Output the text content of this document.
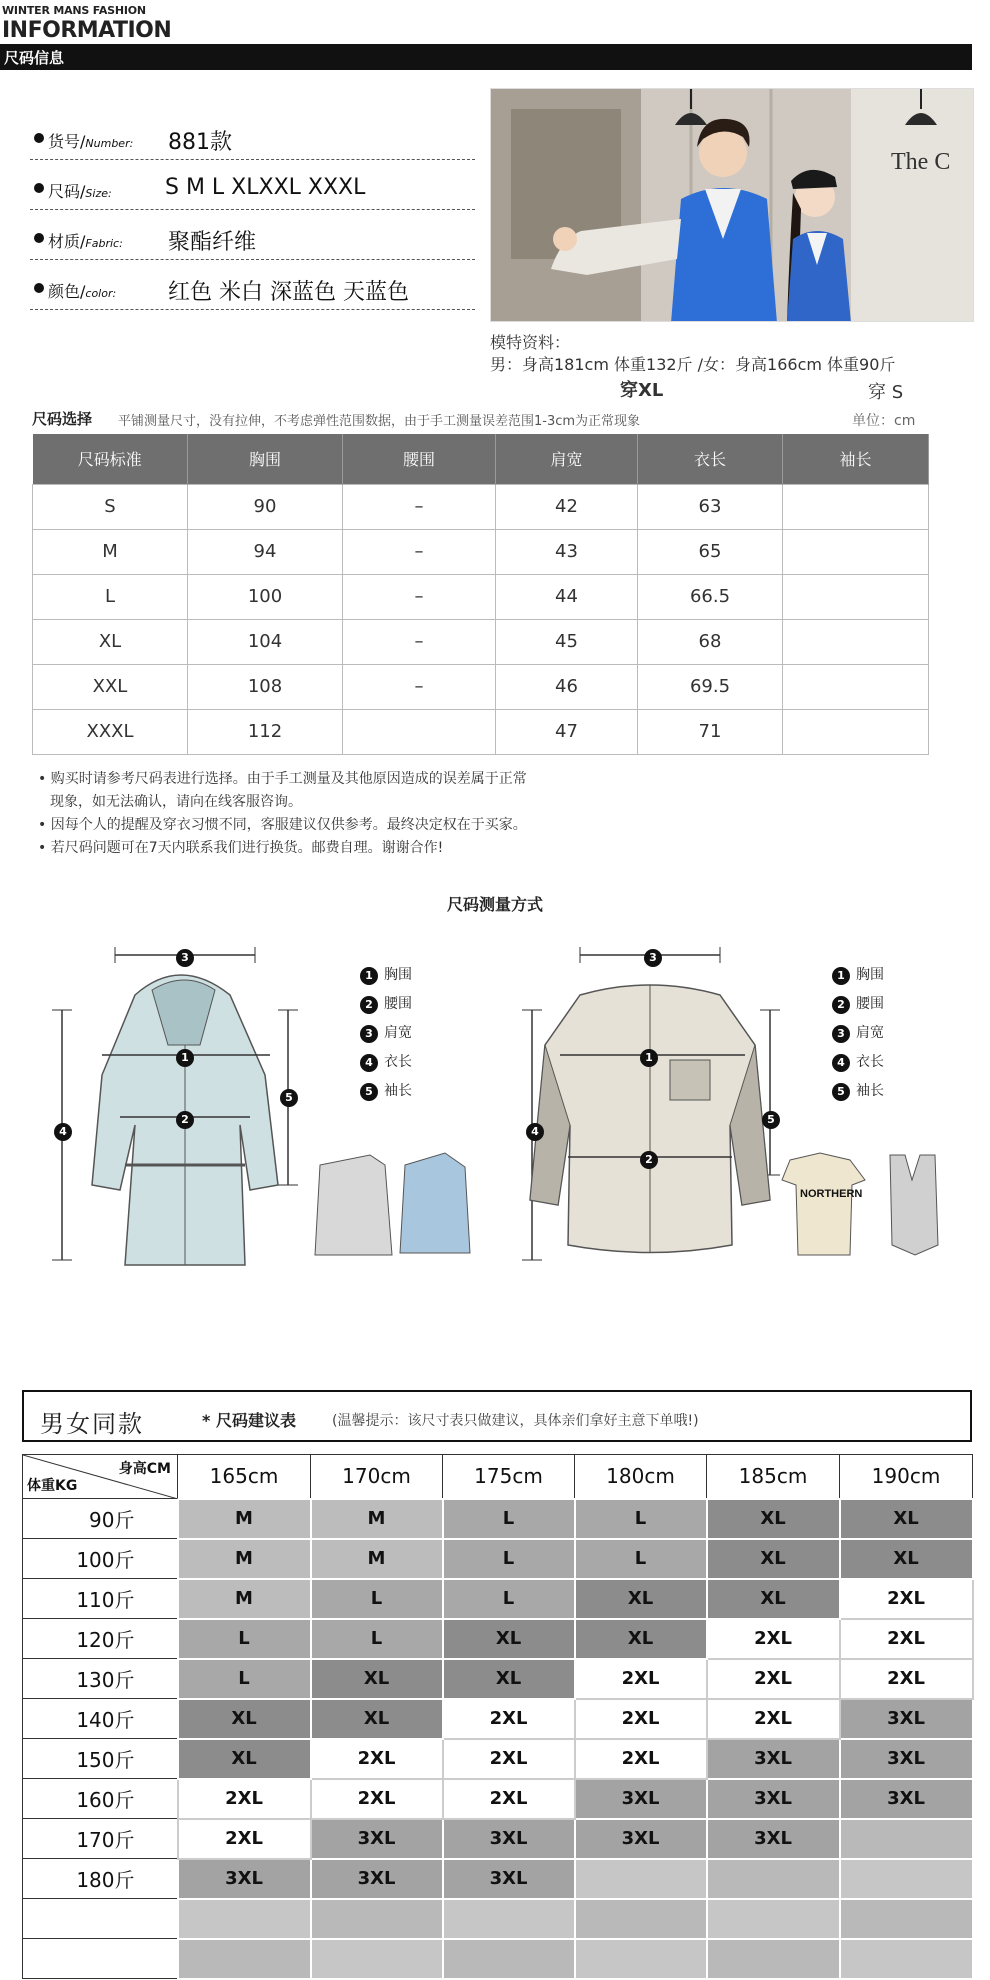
WINTER MANS FASHION
INFORMATION
尺码信息
货号/Number: 881款
尺码/Size: S M L XLXXL XXXL
材质/Fabric: 聚酯纤维
颜色/color: 红色 米白 深蓝色 天蓝色
The C
模特资料：
男：身高181cm 体重132斤 /女：身高166cm 体重90斤
穿XL	穿 S
尺码选择 平铺测量尺寸，没有拉伸，不考虑弹性范围数据，由于手工测量误差范围1-3cm为正常现象	单位：cm
尺码标准	胸围	腰围	肩宽	衣长	袖长
S	90	–	42	63	
M	94	–	43	65	
L	100	–	44	66.5	
XL	104	–	45	68	
XXL	108	–	46	69.5	
XXXL	112		47	71	
• 购买时请参考尺码表进行选择。由于手工测量及其他原因造成的误差属于正常
现象，如无法确认，请向在线客服咨询。
• 因每个人的提醒及穿衣习惯不同，客服建议仅供参考。最终决定权在于买家。
• 若尺码问题可在7天内联系我们进行换货。邮费自理。谢谢合作!
尺码测量方式
3
4
5
1
2
1 胸围
2 腰围
3 肩宽
4 衣长
5 袖长
NORTHERN
3
4
5
1
2
1 胸围
2 腰围
3 肩宽
4 衣长
5 袖长
男女同款	* 尺码建议表	(温馨提示：该尺寸表只做建议，具体亲们拿好主意下单哦!)
身高CM
体重KG	165cm	170cm	175cm	180cm	185cm	190cm
90斤	M	M	L	L	XL	XL
100斤	M	M	L	L	XL	XL
110斤	M	L	L	XL	XL	2XL
120斤	L	L	XL	XL	2XL	2XL
130斤	L	XL	XL	2XL	2XL	2XL
140斤	XL	XL	2XL	2XL	2XL	3XL
150斤	XL	2XL	2XL	2XL	3XL	3XL
160斤	2XL	2XL	2XL	3XL	3XL	3XL
170斤	2XL	3XL	3XL	3XL	3XL	
180斤	3XL	3XL	3XL			
